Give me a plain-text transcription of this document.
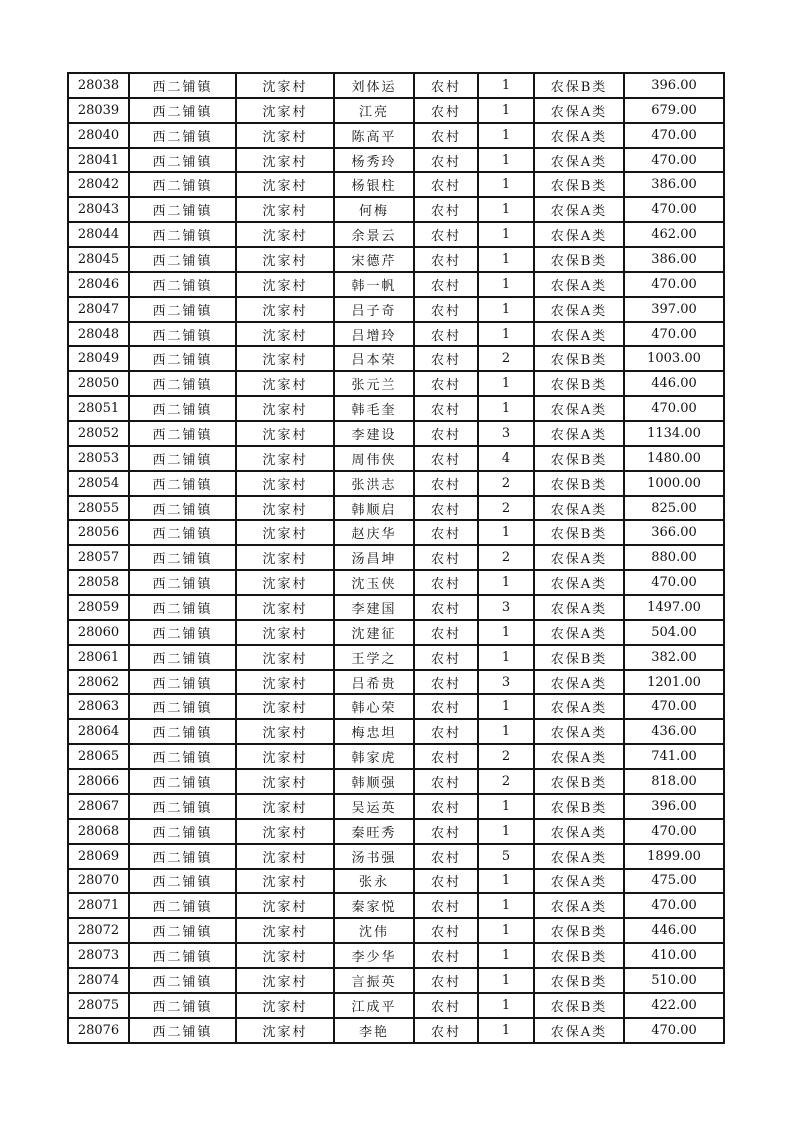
28038	西二铺镇	沈家村	刘体运	农村	1	农保B类	396.00
28039	西二铺镇	沈家村	江亮	农村	1	农保A类	679.00
28040	西二铺镇	沈家村	陈高平	农村	1	农保A类	470.00
28041	西二铺镇	沈家村	杨秀玲	农村	1	农保A类	470.00
28042	西二铺镇	沈家村	杨银柱	农村	1	农保B类	386.00
28043	西二铺镇	沈家村	何梅	农村	1	农保A类	470.00
28044	西二铺镇	沈家村	余景云	农村	1	农保A类	462.00
28045	西二铺镇	沈家村	宋德芹	农村	1	农保B类	386.00
28046	西二铺镇	沈家村	韩一帆	农村	1	农保A类	470.00
28047	西二铺镇	沈家村	吕子奇	农村	1	农保A类	397.00
28048	西二铺镇	沈家村	吕增玲	农村	1	农保A类	470.00
28049	西二铺镇	沈家村	吕本荣	农村	2	农保B类	1003.00
28050	西二铺镇	沈家村	张元兰	农村	1	农保B类	446.00
28051	西二铺镇	沈家村	韩毛奎	农村	1	农保A类	470.00
28052	西二铺镇	沈家村	李建设	农村	3	农保A类	1134.00
28053	西二铺镇	沈家村	周伟侠	农村	4	农保B类	1480.00
28054	西二铺镇	沈家村	张洪志	农村	2	农保B类	1000.00
28055	西二铺镇	沈家村	韩顺启	农村	2	农保A类	825.00
28056	西二铺镇	沈家村	赵庆华	农村	1	农保B类	366.00
28057	西二铺镇	沈家村	汤昌坤	农村	2	农保A类	880.00
28058	西二铺镇	沈家村	沈玉侠	农村	1	农保A类	470.00
28059	西二铺镇	沈家村	李建国	农村	3	农保A类	1497.00
28060	西二铺镇	沈家村	沈建征	农村	1	农保A类	504.00
28061	西二铺镇	沈家村	王学之	农村	1	农保B类	382.00
28062	西二铺镇	沈家村	吕希贵	农村	3	农保A类	1201.00
28063	西二铺镇	沈家村	韩心荣	农村	1	农保A类	470.00
28064	西二铺镇	沈家村	梅忠坦	农村	1	农保A类	436.00
28065	西二铺镇	沈家村	韩家虎	农村	2	农保A类	741.00
28066	西二铺镇	沈家村	韩顺强	农村	2	农保B类	818.00
28067	西二铺镇	沈家村	吴运英	农村	1	农保B类	396.00
28068	西二铺镇	沈家村	秦旺秀	农村	1	农保A类	470.00
28069	西二铺镇	沈家村	汤书强	农村	5	农保A类	1899.00
28070	西二铺镇	沈家村	张永	农村	1	农保A类	475.00
28071	西二铺镇	沈家村	秦家悦	农村	1	农保A类	470.00
28072	西二铺镇	沈家村	沈伟	农村	1	农保B类	446.00
28073	西二铺镇	沈家村	李少华	农村	1	农保B类	410.00
28074	西二铺镇	沈家村	言振英	农村	1	农保B类	510.00
28075	西二铺镇	沈家村	江成平	农村	1	农保B类	422.00
28076	西二铺镇	沈家村	李艳	农村	1	农保A类	470.00
